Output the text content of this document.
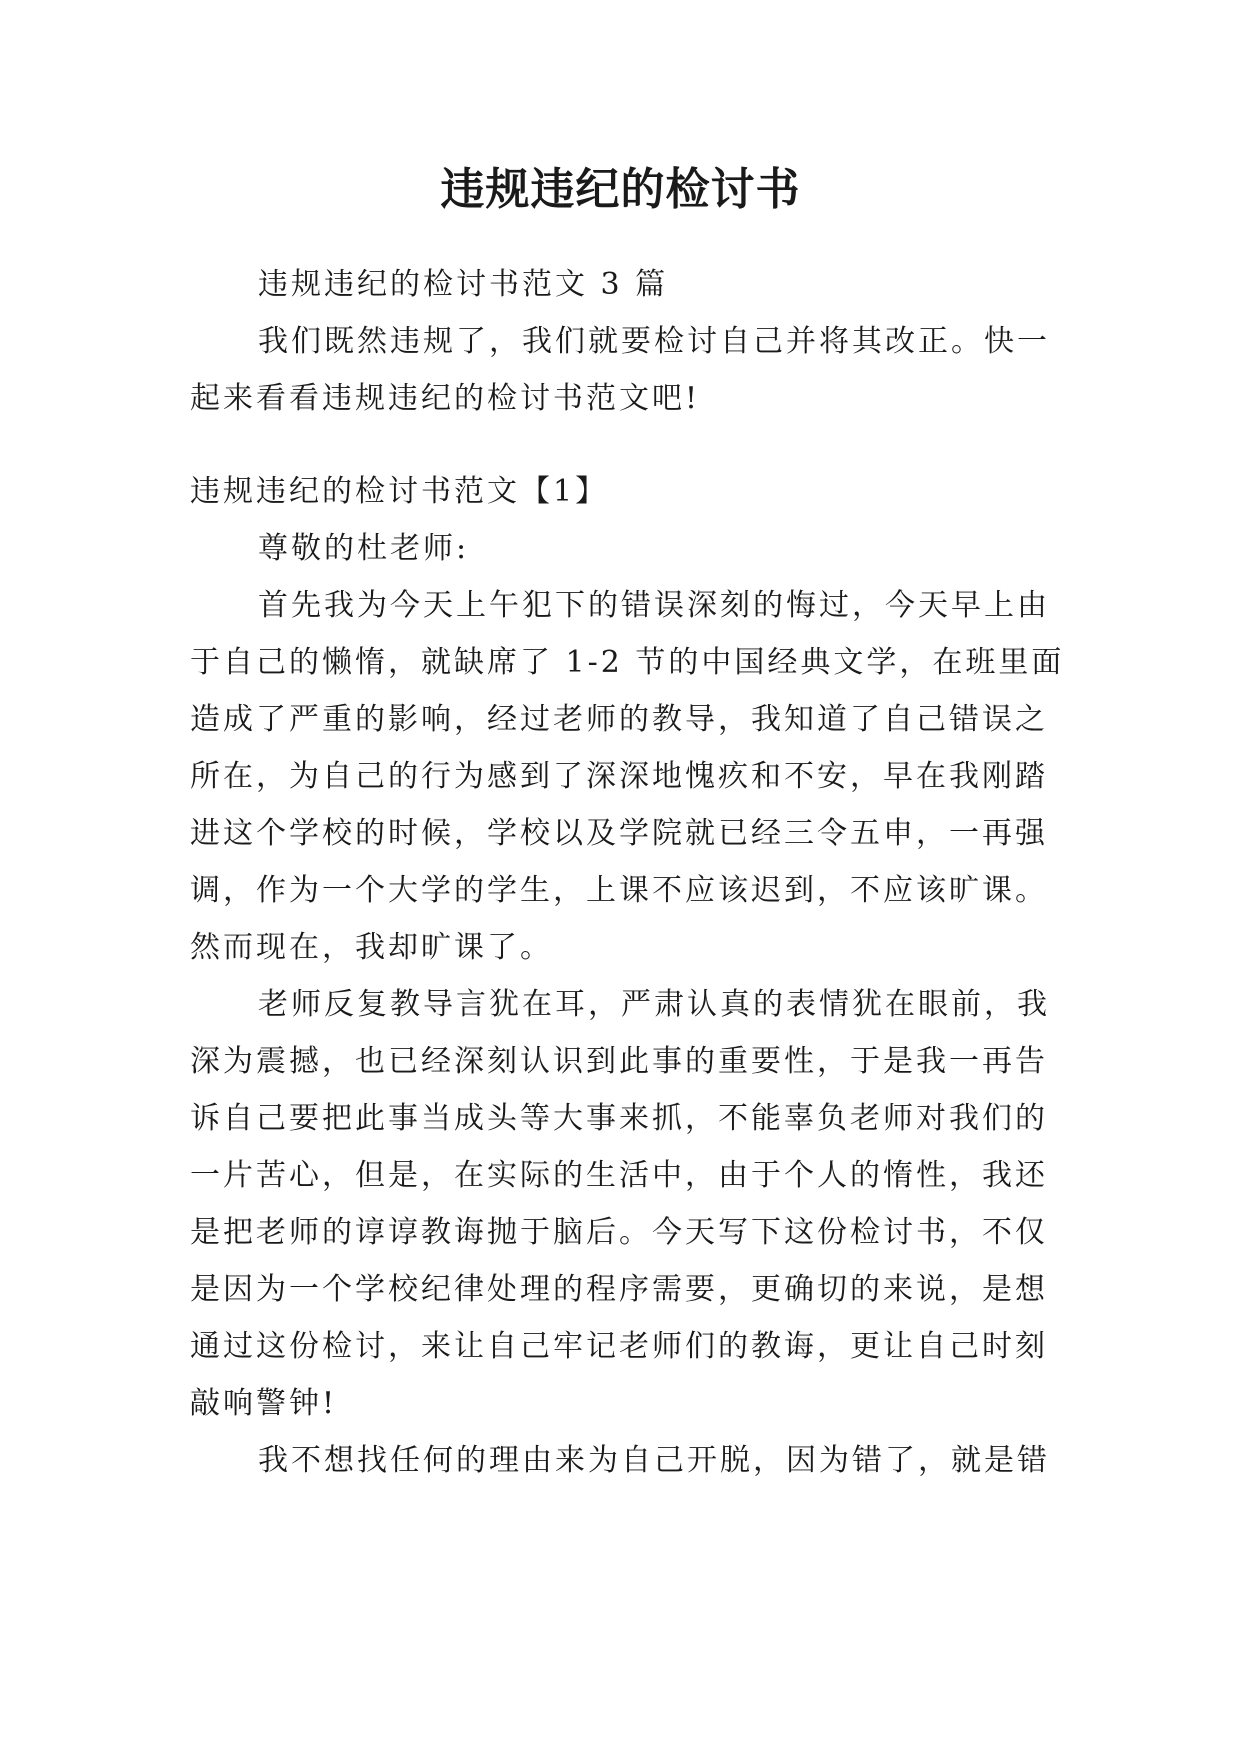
违规违纪的检讨书
违规违纪的检讨书范文 3 篇
我们既然违规了，我们就要检讨自己并将其改正。快一
起来看看违规违纪的检讨书范文吧!
违规违纪的检讨书范文【1】
尊敬的杜老师:
首先我为今天上午犯下的错误深刻的悔过，今天早上由
于自己的懒惰，就缺席了 1-2 节的中国经典文学，在班里面
造成了严重的影响，经过老师的教导，我知道了自己错误之
所在，为自己的行为感到了深深地愧疚和不安，早在我刚踏
进这个学校的时候，学校以及学院就已经三令五申，一再强
调，作为一个大学的学生，上课不应该迟到，不应该旷课。
然而现在，我却旷课了。
老师反复教导言犹在耳，严肃认真的表情犹在眼前，我
深为震撼，也已经深刻认识到此事的重要性，于是我一再告
诉自己要把此事当成头等大事来抓，不能辜负老师对我们的
一片苦心，但是，在实际的生活中，由于个人的惰性，我还
是把老师的谆谆教诲抛于脑后。今天写下这份检讨书，不仅
是因为一个学校纪律处理的程序需要，更确切的来说，是想
通过这份检讨，来让自己牢记老师们的教诲，更让自己时刻
敲响警钟!
我不想找任何的理由来为自己开脱，因为错了，就是错
